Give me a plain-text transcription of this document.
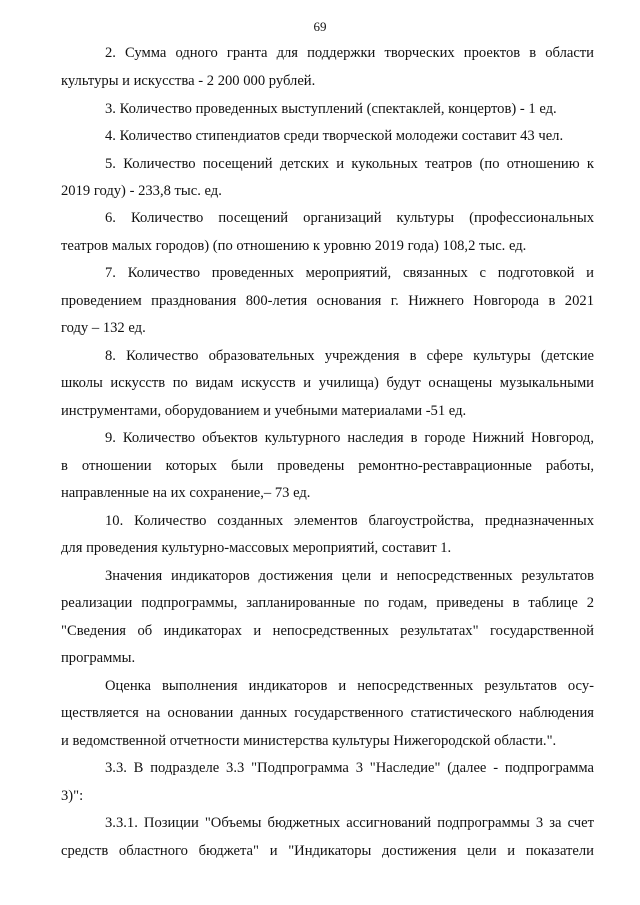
69
2. Сумма одного гранта для поддержки творческих проектов в области
культуры и искусства - 2 200 000 рублей.
3. Количество проведенных выступлений (спектаклей, концертов) - 1 ед.
4. Количество стипендиатов среди творческой молодежи составит 43 чел.
5. Количество посещений детских и кукольных театров (по отношению к
2019 году) - 233,8 тыс. ед.
6. Количество посещений организаций культуры (профессиональных
театров малых городов) (по отношению к уровню 2019 года) 108,2 тыс. ед.
7. Количество проведенных мероприятий, связанных с подготовкой и
проведением празднования 800-летия основания г. Нижнего Новгорода в 2021
году – 132 ед.
8. Количество образовательных учреждения в сфере культуры (детские
школы искусств по видам искусств и училища) будут оснащены музыкальными
инструментами, оборудованием и учебными материалами -51 ед.
9. Количество объектов культурного наследия в городе Нижний Новгород,
в отношении которых были проведены ремонтно-реставрационные работы,
направленные на их сохранение,– 73 ед.
10. Количество созданных элементов благоустройства, предназначенных
для проведения культурно-массовых мероприятий, составит 1.
Значения индикаторов достижения цели и непосредственных результатов
реализации подпрограммы, запланированные по годам, приведены в таблице 2
"Сведения об индикаторах и непосредственных результатах" государственной
программы.
Оценка выполнения индикаторов и непосредственных результатов осу-
ществляется на основании данных государственного статистического наблюдения
и ведомственной отчетности министерства культуры Нижегородской области.".
3.3. В подразделе 3.3 "Подпрограмма 3 "Наследие" (далее - подпрограмма
3)":
3.3.1. Позиции "Объемы бюджетных ассигнований подпрограммы 3 за счет
средств областного бюджета" и "Индикаторы достижения цели и показатели
